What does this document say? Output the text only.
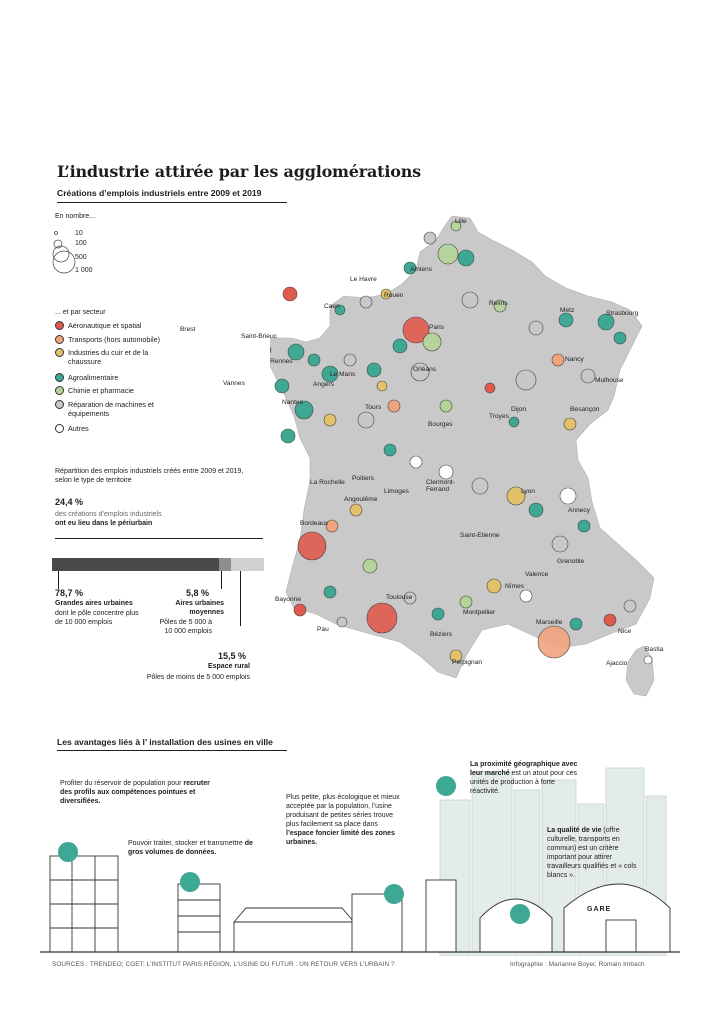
L’industrie attirée par les agglomérations
Créations d’emplois industriels entre 2009 et 2019
En nombre...
10
100
500
1 000
... et par secteur
Aéronautique et spatial
Transports (hors automobile)
Industries du cuir et de la chaussure
Agroalimentaire
Chimie et pharmacie
Réparation de machines et équipements
Autres
Lille
Le Havre
Amiens
Caen
Rouen
Reims
Metz	Strasbourg
Brest
Saint-Brieuc
Paris
Rennes
Le Mans
Orléans
Nancy
Vannes	Angers
Tours
Mulhouse
Nantes
Troyes
Dijon	Besançon
Bourges
Poitiers
La Rochelle	Clermont-Ferrand
Angoulême
Limoges	Lyon
Annecy
Bordeaux
Saint-Etienne
Grenoble
Valence
Nîmes
Bayonne	Toulouse
Montpellier
Marseille
Nice
Pau
Béziers
Bastia
Perpignan	Ajaccio
Répartition des emplois industriels créés entre 2009 et 2019, selon le type de territoire
24,4 %
des créations d’emplois industriels ont eu lieu dans le périurbain
78,7 %
Grandes aires urbaines
dont le pôle concentre plus de 10 000 emplois
5,8 %
Aires urbaines moyennes
Pôles de 5 000 à 10 000 emplois
15,5 %
Espace rural
Pôles de moins de 5 000 emplois
Les avantages liés à l’ installation des usines en ville
GARE
Profiter du réservoir de population pour recruter des profils aux compétences pointues et diversifiées.
Pouvoir traiter, stocker et transmettre de gros volumes de données.
Plus petite, plus écologique et mieux acceptée par la population, l’usine produisant de petites séries trouve plus facilement sa place dans l’espace foncier limité des zones urbaines.
La proximité géographique avec leur marché est un atout pour ces unités de production à forte réactivité.
La qualité de vie (offre culturelle, transports en commun) est un critère important pour attirer travailleurs qualifiés et « cols blancs ».
SOURCES : TRENDEO; CGET; L’INSTITUT PARIS RÉGION, L’USINE DU FUTUR : UN RETOUR VERS L’URBAIN ?	Infographie : Marianne Boyer, Romain Imbach
